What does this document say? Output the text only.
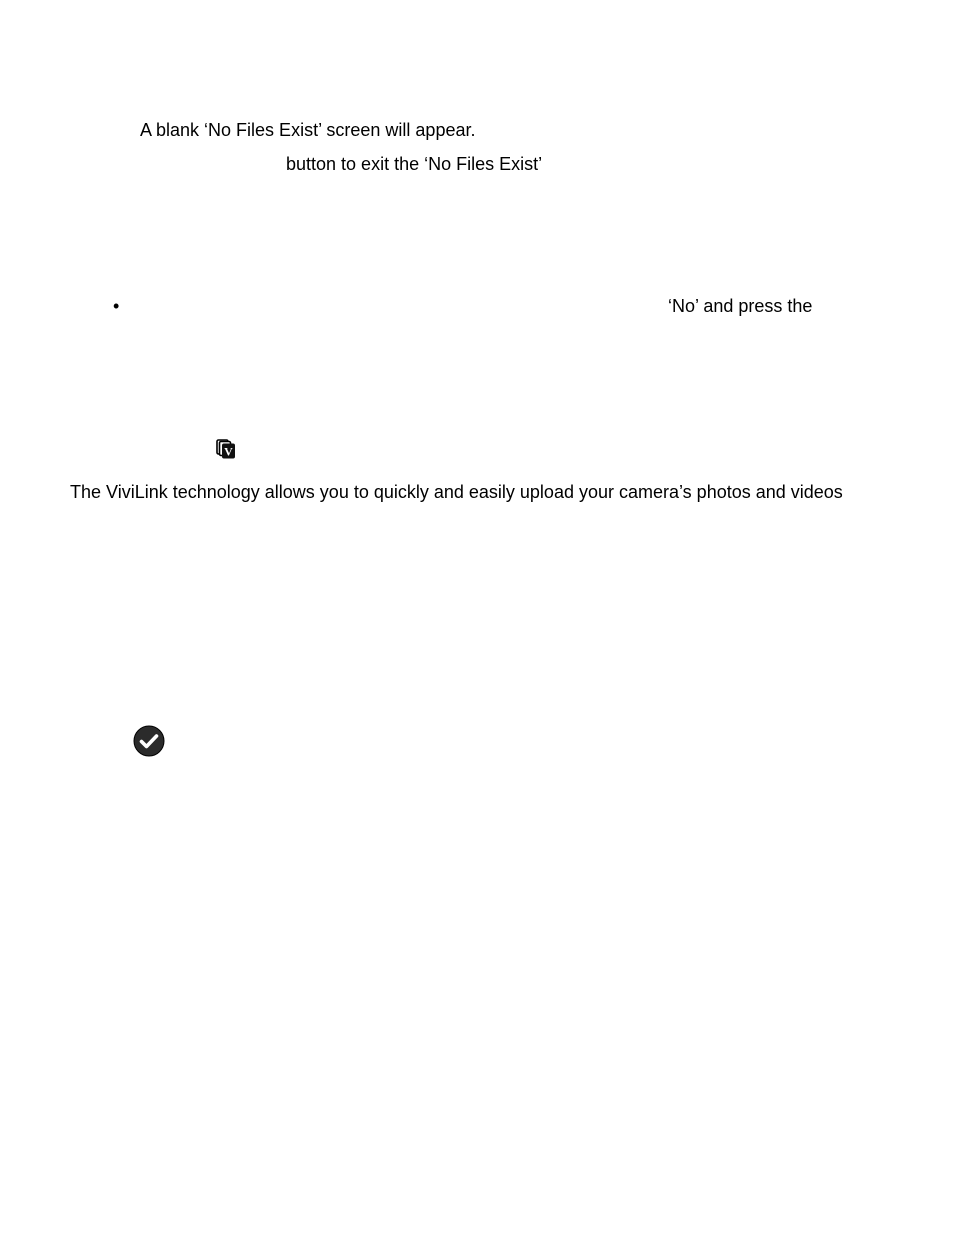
A blank ‘No Files Exist’ screen will appear.
button to exit the ‘No Files Exist’
•	‘No’ and press the
V
The ViviLink technology allows you to quickly and easily upload your camera’s photos and videos
